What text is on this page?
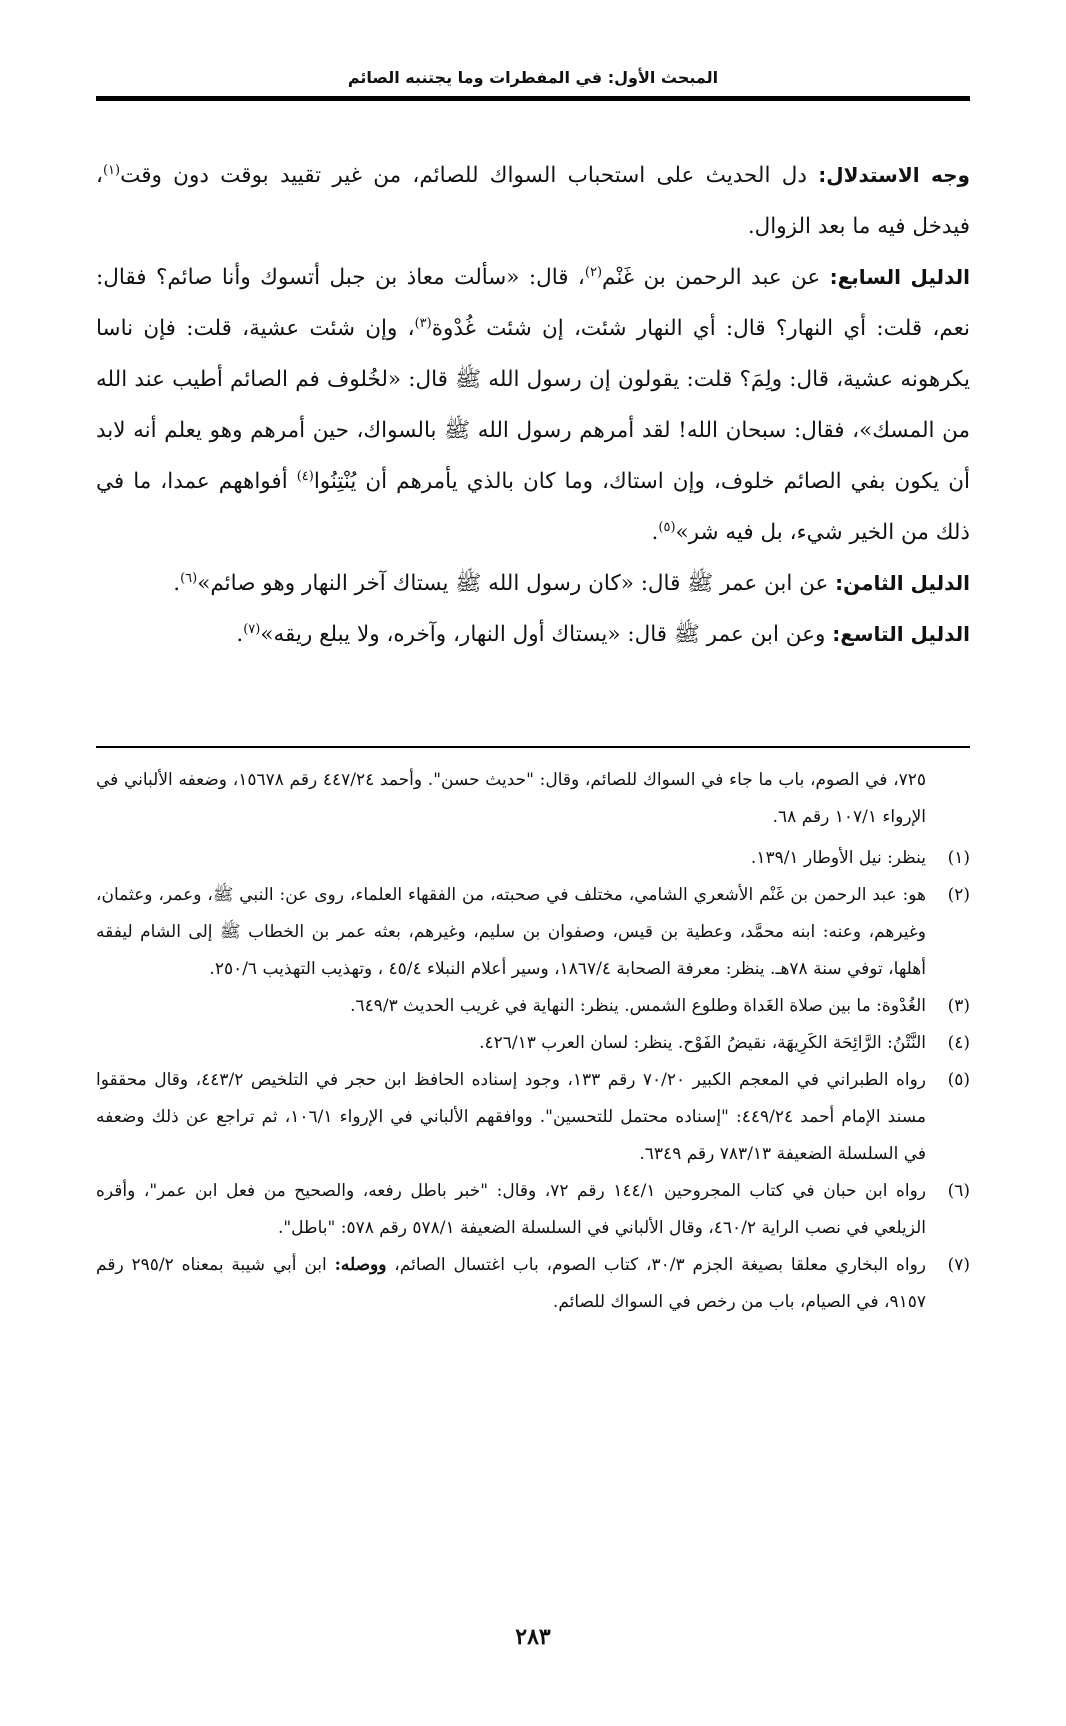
المبحث الأول: في المفطرات وما يجتنبه الصائم

وجه الاستدلال: دل الحديث على استحباب السواك للصائم، من غير تقييد بوقت دون وقت$^{(١)}$، فيدخل فيه ما بعد الزوال.

الدليل السابع: عن عبد الرحمن بن غَنْم$^{(٢)}$، قال: «سألت معاذ بن جبل أتسوك وأنا صائم؟ فقال: نعم، قلت: أي النهار؟ قال: أي النهار شئت، إن شئت غُدْوة$^{(٣)}$، وإن شئت عشية، قلت: فإن ناسا يكرهونه عشية، قال: ولِمَ؟ قلت: يقولون إن رسول الله ﷺ قال: «لخُلوف فم الصائم أطيب عند الله من المسك»، فقال: سبحان الله! لقد أمرهم رسول الله ﷺ بالسواك، حين أمرهم وهو يعلم أنه لابد أن يكون بفي الصائم خلوف، وإن استاك، وما كان بالذي يأمرهم أن يُنْتِنُوا$^{(٤)}$ أفواههم عمدا، ما في ذلك من الخير شيء، بل فيه شر»$^{(٥)}$.

الدليل الثامن: عن ابن عمر ﷺ قال: «كان رسول الله ﷺ يستاك آخر النهار وهو صائم»$^{(٦)}$.

الدليل التاسع: وعن ابن عمر ﷺ قال: «يستاك أول النهار، وآخره، ولا يبلع ريقه»$^{(٧)}$.

٧٢٥، في الصوم، باب ما جاء في السواك للصائم، وقال: "حديث حسن". وأحمد ٤٤٧/٢٤ رقم ١٥٦٧٨، وضعفه الألباني في الإرواء ١٠٧/١ رقم ٦٨.

(١)
ينظر: نيل الأوطار ١٣٩/١.
(٢)
هو: عبد الرحمن بن غَنْم الأشعري الشامي، مختلف في صحبته، من الفقهاء العلماء، روى عن: النبي ﷺ، وعمر، وعثمان، وغيرهم، وعنه: ابنه محمَّد، وعطية بن قيس، وصفوان بن سليم، وغيرهم، بعثه عمر بن الخطاب ﷺ إلى الشام ليفقه أهلها، توفي سنة ٧٨هـ. ينظر: معرفة الصحابة ١٨٦٧/٤، وسير أعلام النبلاء ٤٥/٤ ، وتهذيب التهذيب ٢٥٠/٦.
(٣)
الغُدْوة: ما بين صلاة الغَداة وطلوع الشمس. ينظر: النهاية في غريب الحديث ٦٤٩/٣.
(٤)
النَّتْنُ: الرَّائِحَة الكَرِيهَة، نقيضُ الفَوْح. ينظر: لسان العرب ٤٢٦/١٣.
(٥)
رواه الطبراني في المعجم الكبير ٧٠/٢٠ رقم ١٣٣، وجود إسناده الحافظ ابن حجر في التلخيص ٤٤٣/٢، وقال محققوا مسند الإمام أحمد ٤٤٩/٢٤: "إسناده محتمل للتحسين". ووافقهم الألباني في الإرواء ١٠٦/١، ثم تراجع عن ذلك وضعفه في السلسلة الضعيفة ٧٨٣/١٣ رقم ٦٣٤٩.
(٦)
رواه ابن حبان في كتاب المجروحين ١٤٤/١ رقم ٧٢، وقال: "خبر باطل رفعه، والصحيح من فعل ابن عمر"، وأقره الزيلعي في نصب الراية ٤٦٠/٢، وقال الألباني في السلسلة الضعيفة ٥٧٨/١ رقم ٥٧٨: "باطل".
(٧)
رواه البخاري معلقا بصيغة الجزم ٣٠/٣، كتاب الصوم، باب اغتسال الصائم، ووصله: ابن أبي شيبة بمعناه ٢٩٥/٢ رقم ٩١٥٧، في الصيام، باب من رخص في السواك للصائم.
٢٨٣
